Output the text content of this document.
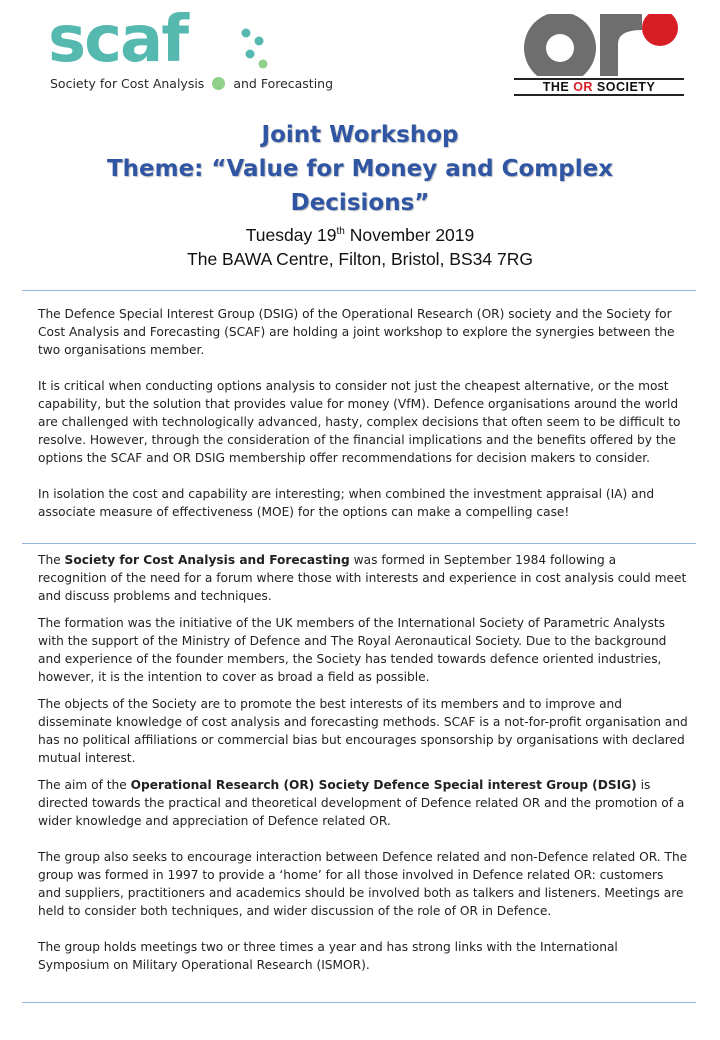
scaf
Society for Cost Analysis and Forecasting	THE OR SOCIETY
Joint Workshop
Theme: “Value for Money and Complex
Decisions”
Tuesday 19th November 2019
The BAWA Centre, Filton, Bristol, BS34 7RG

The Defence Special Interest Group (DSIG) of the Operational Research (OR) society and the Society for Cost Analysis and Forecasting (SCAF) are holding a joint workshop to explore the synergies between the two organisations member.

It is critical when conducting options analysis to consider not just the cheapest alternative, or the most capability, but the solution that provides value for money (VfM). Defence organisations around the world are challenged with technologically advanced, hasty, complex decisions that often seem to be difficult to resolve. However, through the consideration of the financial implications and the benefits offered by the options the SCAF and OR DSIG membership offer recommendations for decision makers to consider.

In isolation the cost and capability are interesting; when combined the investment appraisal (IA) and associate measure of effectiveness (MOE) for the options can make a compelling case!

The Society for Cost Analysis and Forecasting was formed in September 1984 following a recognition of the need for a forum where those with interests and experience in cost analysis could meet and discuss problems and techniques.

The formation was the initiative of the UK members of the International Society of Parametric Analysts with the support of the Ministry of Defence and The Royal Aeronautical Society. Due to the background and experience of the founder members, the Society has tended towards defence oriented industries, however, it is the intention to cover as broad a field as possible.

The objects of the Society are to promote the best interests of its members and to improve and disseminate knowledge of cost analysis and forecasting methods. SCAF is a not-for-profit organisation and has no political affiliations or commercial bias but encourages sponsorship by organisations with declared mutual interest.

The aim of the Operational Research (OR) Society Defence Special interest Group (DSIG) is directed towards the practical and theoretical development of Defence related OR and the promotion of a wider knowledge and appreciation of Defence related OR.

The group also seeks to encourage interaction between Defence related and non-Defence related OR. The group was formed in 1997 to provide a ‘home’ for all those involved in Defence related OR: customers and suppliers, practitioners and academics should be involved both as talkers and listeners. Meetings are held to consider both techniques, and wider discussion of the role of OR in Defence.

The group holds meetings two or three times a year and has strong links with the International Symposium on Military Operational Research (ISMOR).
